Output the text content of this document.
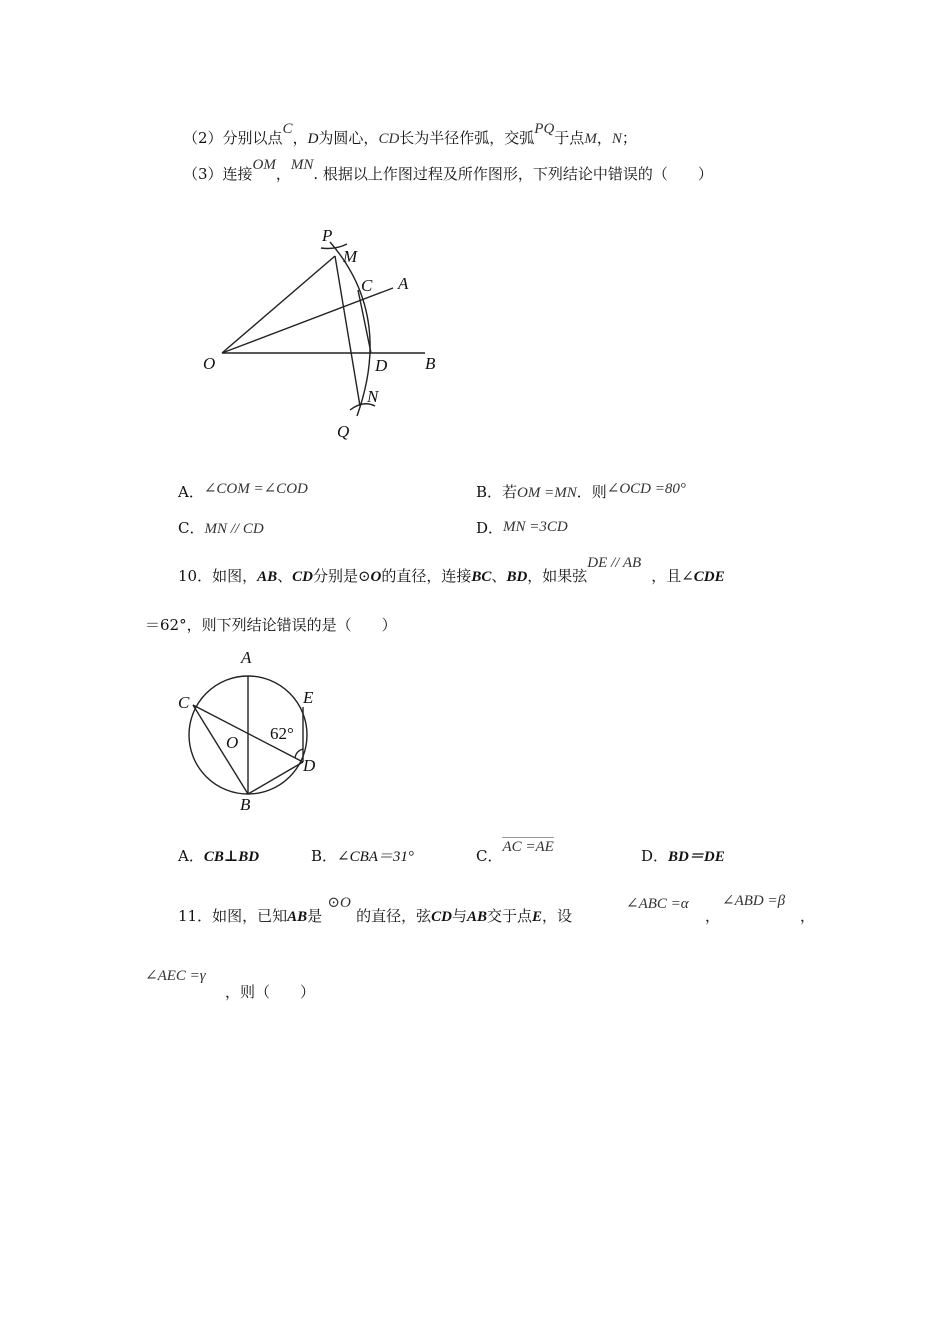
（2）分别以点C，D为圆心，CD长为半径作弧，交弧PQ于点M，N；
（3）连接OM，MN. 根据以上作图过程及所作图形，下列结论中错误的（　　）
P
M
C A
O	D B
N
Q
A．∠COM =∠COD	B．若OM =MN．则∠OCD =80°
C．MN // CD	D．MN =3CD
10．如图，AB、CD分别是⊙O的直径，连接BC、BD，如果弦DE // AB，且∠CDE
＝62°，则下列结论错误的是（　　）
A
C	E
O 62°
D
B
A．CB⊥BD	B．∠CBA＝31°	C．AC =AE	D．BD＝DE
11．如图，已知AB是⊙O的直径，弦CD与AB交于点E，设
∠ABC =α
，
∠ABD =β
，
∠AEC =γ
，则（　　）
